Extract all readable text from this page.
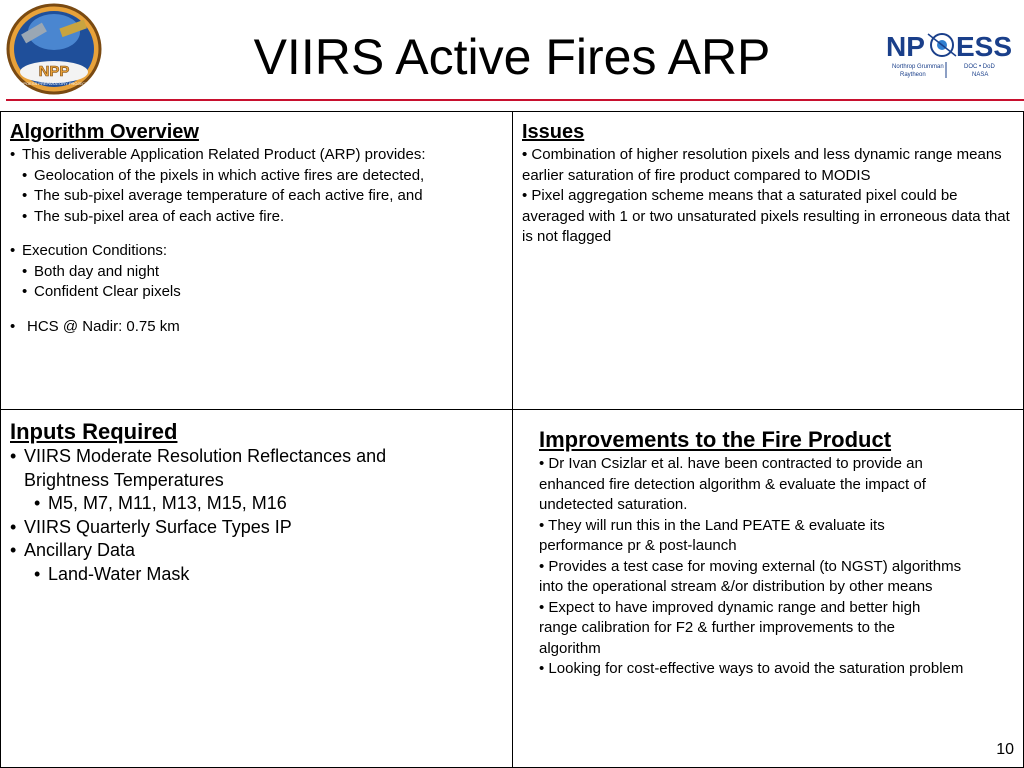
NPP
NPOESS PREPARATORY PROJECT	VIIRS Active Fires ARP	NP ESS
Northrop Grumman
Raytheon
DOC • DoD
NASA
Algorithm Overview
• This deliverable Application Related Product (ARP) provides:
• Geolocation of the pixels in which active fires are detected,
• The sub-pixel average temperature of each active fire, and
• The sub-pixel area of each active fire.
• Execution Conditions:
• Both day and night
• Confident Clear pixels
• HCS @ Nadir: 0.75 km
Issues
• • Combination of higher resolution pixels and less dynamic range means earlier saturation of fire product compared to MODIS
• Pixel aggregation scheme means that a saturated pixel could be averaged with 1 or two unsaturated pixels resulting in erroneous data that is not flagged
Inputs Required
• VIIRS Moderate Resolution Reflectances and Brightness Temperatures
• M5, M7, M11, M13, M15, M16
• VIIRS Quarterly Surface Types IP
• Ancillary Data
• Land-Water Mask
Improvements to the Fire Product
• Dr Ivan Csizlar et al. have been contracted to provide an enhanced fire detection algorithm & evaluate the impact of undetected saturation.
• They will run this in the Land PEATE & evaluate its performance pr & post-launch
• Provides a test case for moving external (to NGST) algorithms into the operational stream &/or distribution by other means
• Expect to have improved dynamic range and better high range calibration for F2 & further improvements to the algorithm
• Looking for cost-effective ways to avoid the saturation problem
10
